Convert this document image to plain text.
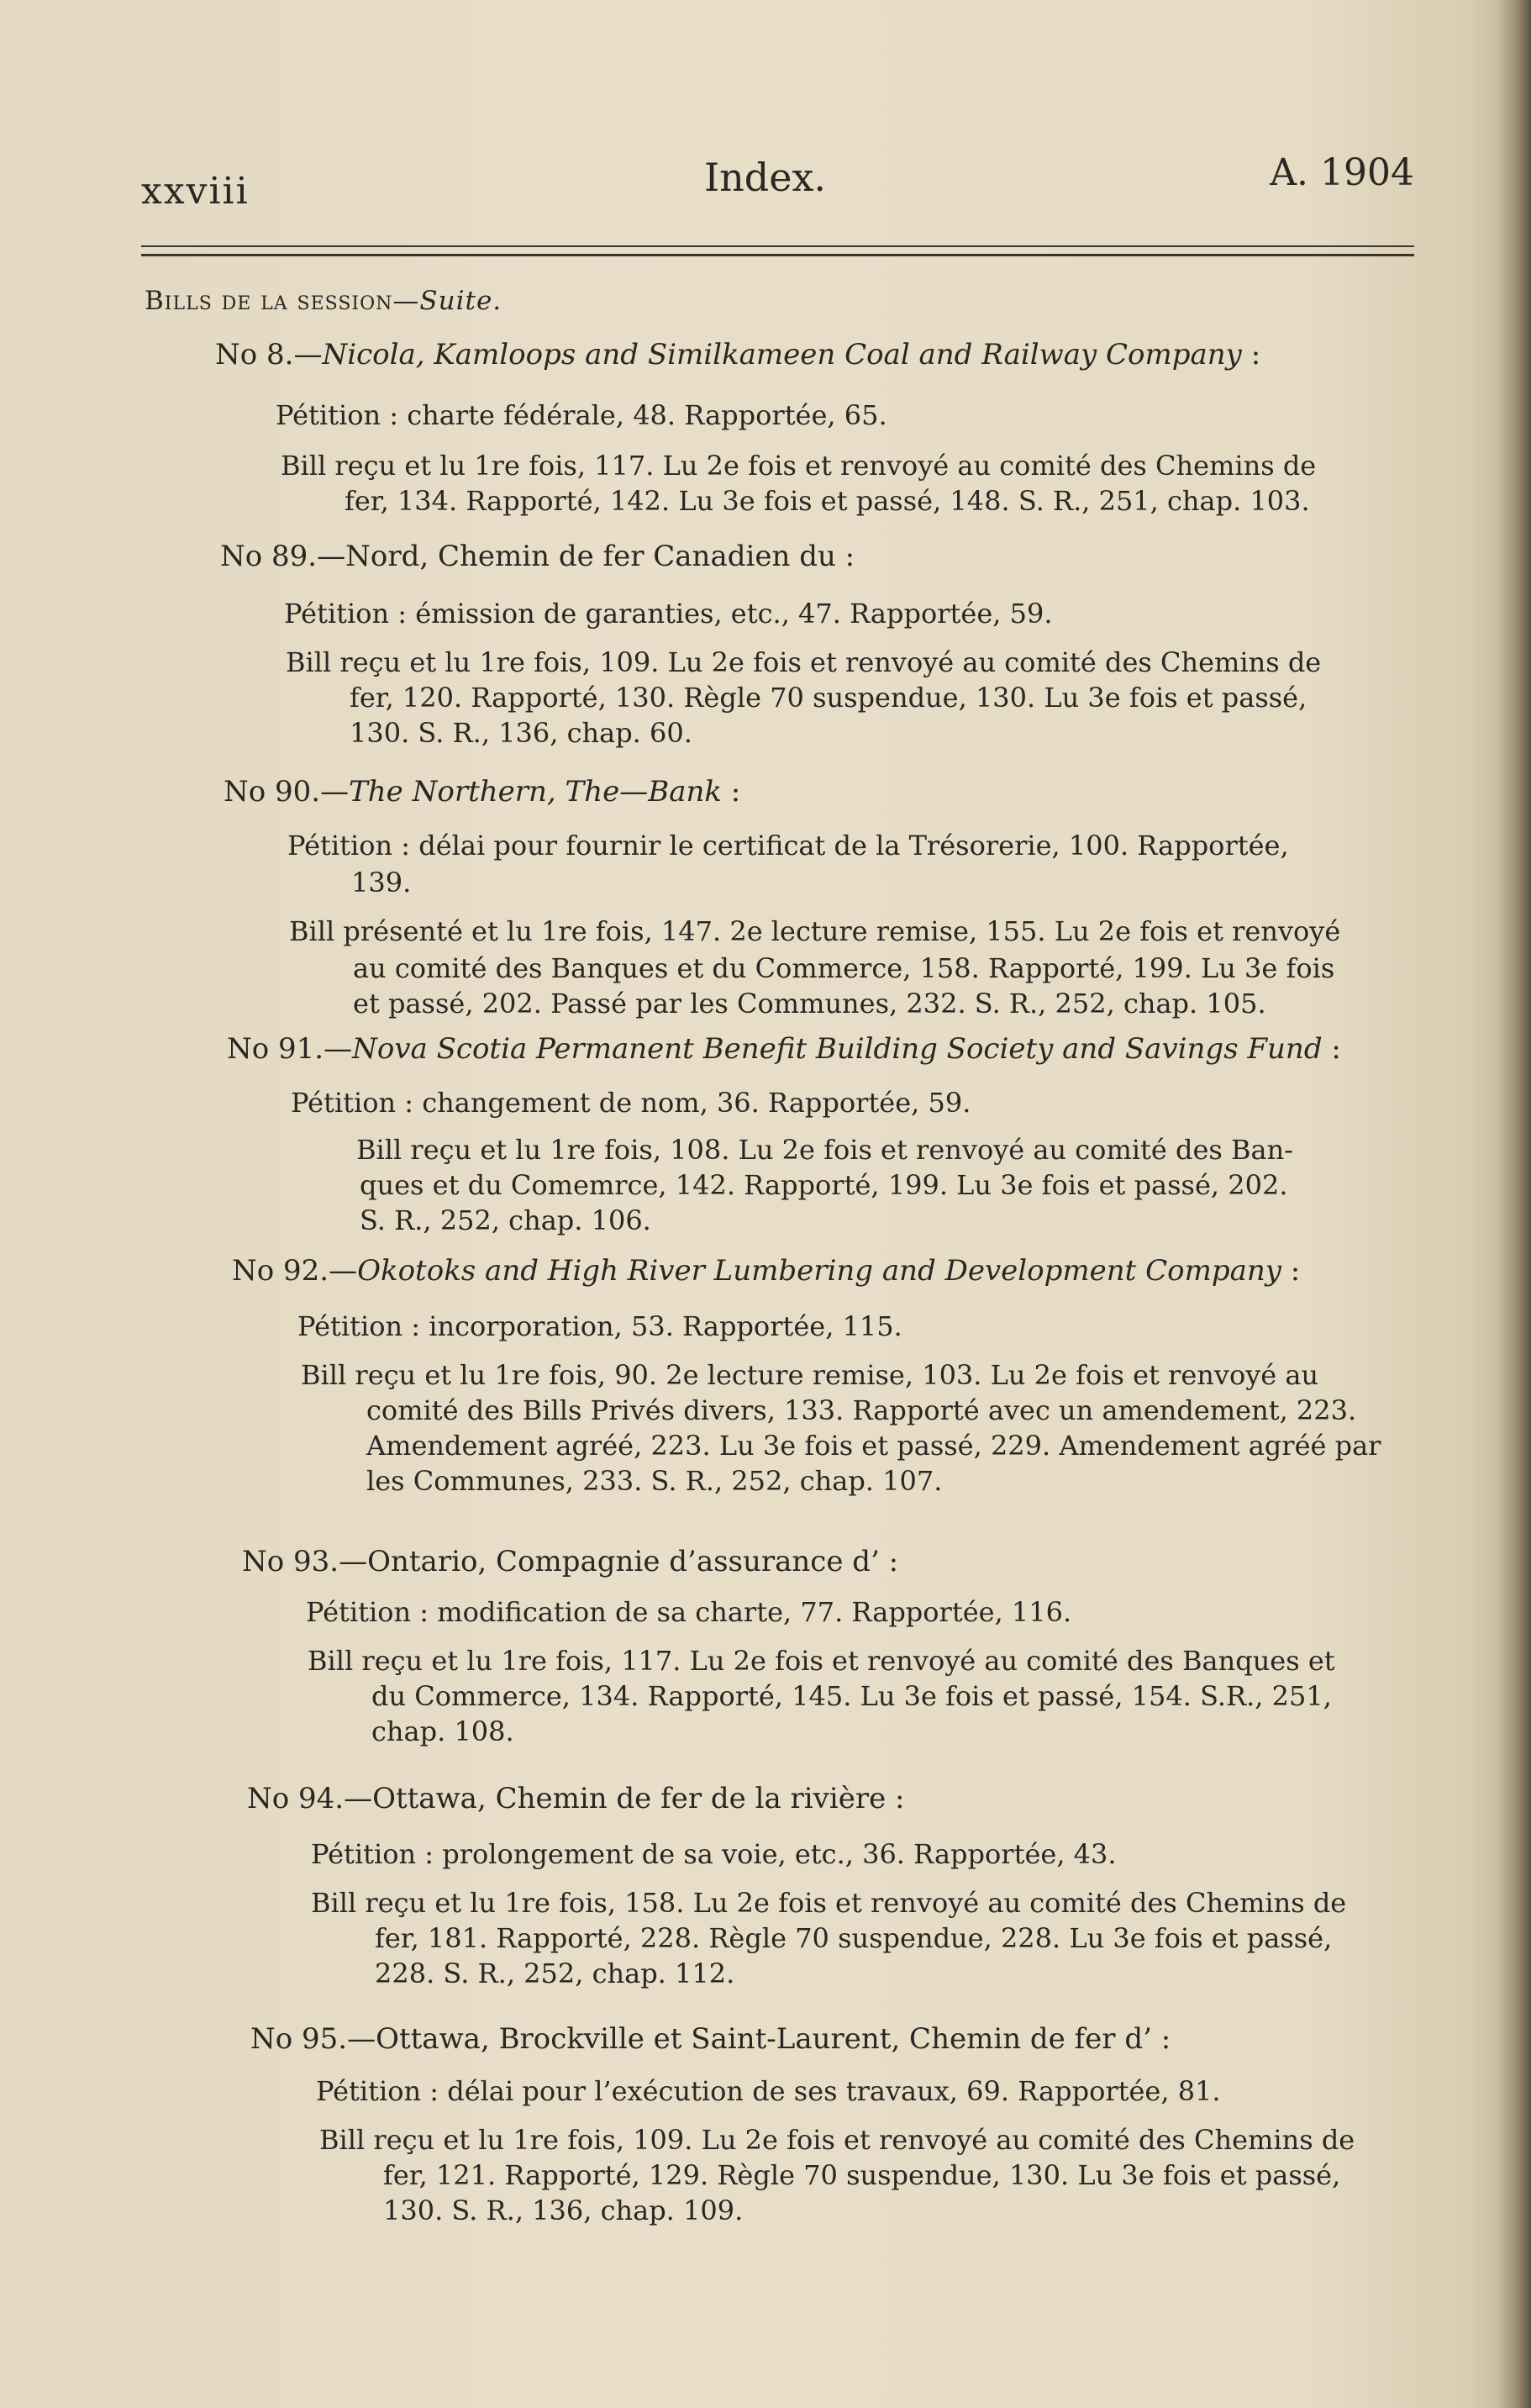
xxviii	Index.	A. 1904
Bills de la session—Suite.
No 8.—Nicola, Kamloops and Similkameen Coal and Railway Company :
Pétition : charte fédérale, 48. Rapportée, 65.
Bill reçu et lu 1re fois, 117. Lu 2e fois et renvoyé au comité des Chemins de
fer, 134. Rapporté, 142. Lu 3e fois et passé, 148. S. R., 251, chap. 103.
No 89.—Nord, Chemin de fer Canadien du :
Pétition : émission de garanties, etc., 47. Rapportée, 59.
Bill reçu et lu 1re fois, 109. Lu 2e fois et renvoyé au comité des Chemins de
fer, 120. Rapporté, 130. Règle 70 suspendue, 130. Lu 3e fois et passé,
130. S. R., 136, chap. 60.
No 90.—The Northern, The—Bank :
Pétition : délai pour fournir le certificat de la Trésorerie, 100. Rapportée,
139.
Bill présenté et lu 1re fois, 147. 2e lecture remise, 155. Lu 2e fois et renvoyé
au comité des Banques et du Commerce, 158. Rapporté, 199. Lu 3e fois
et passé, 202. Passé par les Communes, 232. S. R., 252, chap. 105.
No 91.—Nova Scotia Permanent Benefit Building Society and Savings Fund :
Pétition : changement de nom, 36. Rapportée, 59.
Bill reçu et lu 1re fois, 108. Lu 2e fois et renvoyé au comité des Ban-
ques et du Comemrce, 142. Rapporté, 199. Lu 3e fois et passé, 202.
S. R., 252, chap. 106.
No 92.—Okotoks and High River Lumbering and Development Company :
Pétition : incorporation, 53. Rapportée, 115.
Bill reçu et lu 1re fois, 90. 2e lecture remise, 103. Lu 2e fois et renvoyé au
comité des Bills Privés divers, 133. Rapporté avec un amendement, 223.
Amendement agréé, 223. Lu 3e fois et passé, 229. Amendement agréé par
les Communes, 233. S. R., 252, chap. 107.
No 93.—Ontario, Compagnie d’assurance d’ :
Pétition : modification de sa charte, 77. Rapportée, 116.
Bill reçu et lu 1re fois, 117. Lu 2e fois et renvoyé au comité des Banques et
du Commerce, 134. Rapporté, 145. Lu 3e fois et passé, 154. S.R., 251,
chap. 108.
No 94.—Ottawa, Chemin de fer de la rivière :
Pétition : prolongement de sa voie, etc., 36. Rapportée, 43.
Bill reçu et lu 1re fois, 158. Lu 2e fois et renvoyé au comité des Chemins de
fer, 181. Rapporté, 228. Règle 70 suspendue, 228. Lu 3e fois et passé,
228. S. R., 252, chap. 112.
No 95.—Ottawa, Brockville et Saint-Laurent, Chemin de fer d’ :
Pétition : délai pour l’exécution de ses travaux, 69. Rapportée, 81.
Bill reçu et lu 1re fois, 109. Lu 2e fois et renvoyé au comité des Chemins de
fer, 121. Rapporté, 129. Règle 70 suspendue, 130. Lu 3e fois et passé,
130. S. R., 136, chap. 109.
